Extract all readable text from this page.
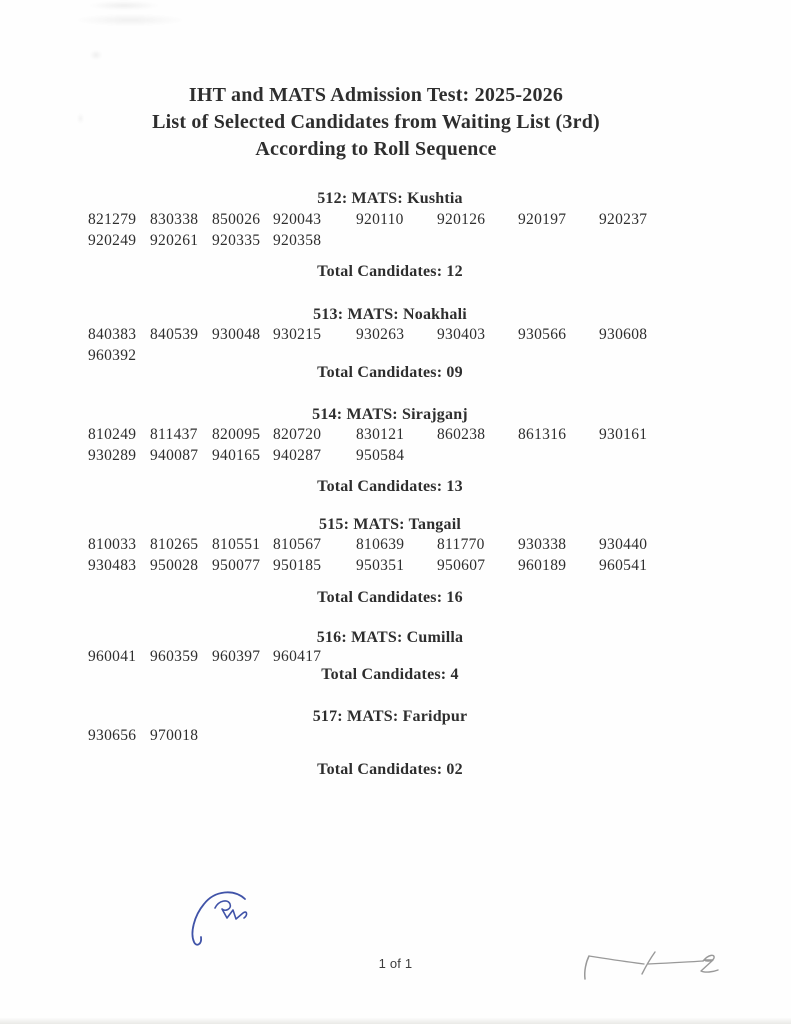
IHT and MATS Admission Test: 2025-2026
List of Selected Candidates from Waiting List (3rd)
According to Roll Sequence
512: MATS: Kushtia
821279 830338 850026 920043	920110	920126	920197	920237
920249 920261 920335 920358
Total Candidates: 12
513: MATS: Noakhali
840383 840539 930048 930215	930263	930403	930566	930608
960392
Total Candidates: 09
514: MATS: Sirajganj
810249 811437 820095 820720	830121	860238	861316	930161
930289 940087 940165 940287	950584
Total Candidates: 13
515: MATS: Tangail
810033 810265 810551 810567	810639	811770	930338	930440
930483 950028 950077 950185	950351	950607	960189	960541
Total Candidates: 16
516: MATS: Cumilla
960041 960359 960397 960417
Total Candidates: 4
517: MATS: Faridpur
930656 970018
Total Candidates: 02
1 of 1
